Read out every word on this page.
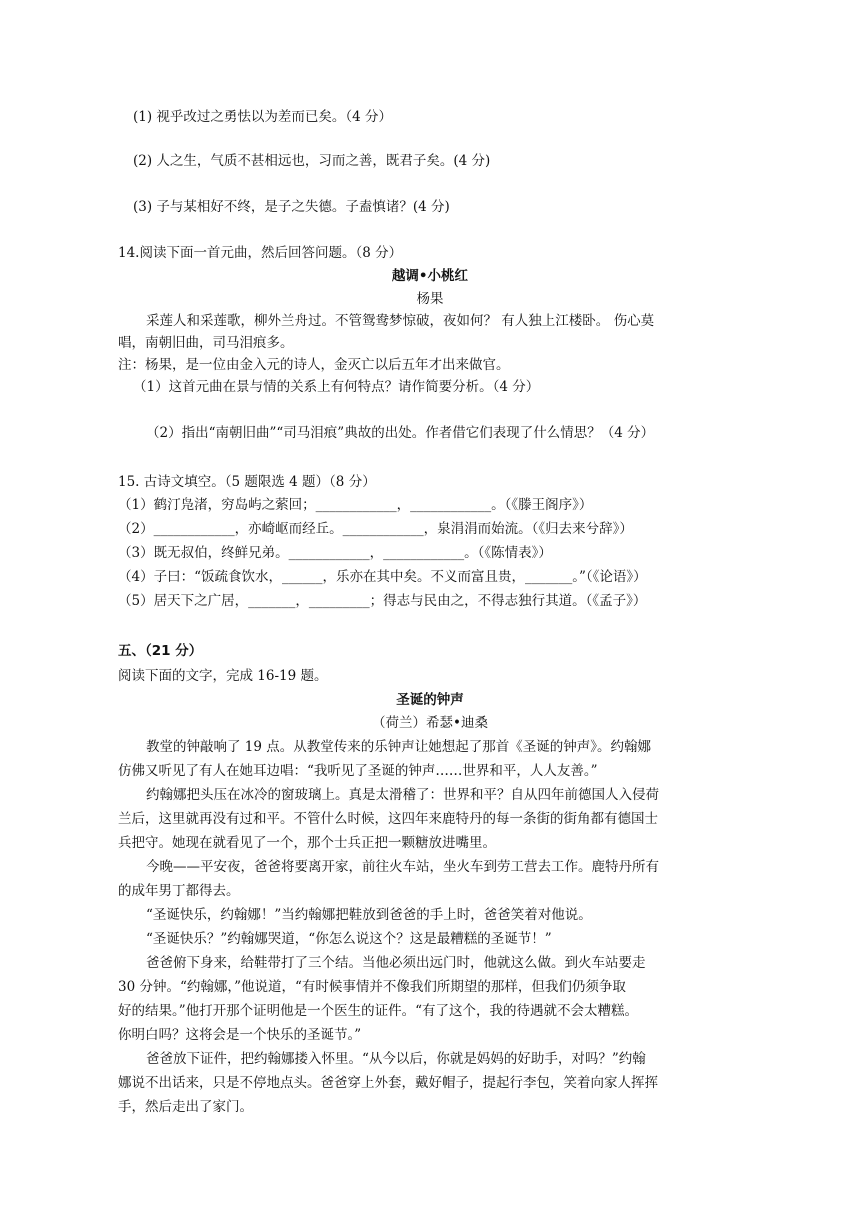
(1) 视乎改过之勇怯以为差而已矣。（4 分）
(2) 人之生，气质不甚相远也，习而之善，既君子矣。(4 分)
(3) 子与某相好不终，是子之失德。子盍慎诸？(4 分)
14.阅读下面一首元曲，然后回答问题。（8 分）
越调•小桃红
杨果
采莲人和采莲歌，柳外兰舟过。不管鸳鸯梦惊破，夜如何？ 有人独上江楼卧。 伤心莫
唱，南朝旧曲，司马泪痕多。
注：杨果，是一位由金入元的诗人，金灭亡以后五年才出来做官。
（1）这首元曲在景与情的关系上有何特点？请作简要分析。（4 分）
（2）指出“南朝旧曲”“司马泪痕”典故的出处。作者借它们表现了什么情思？（4 分）
15. 古诗文填空。（5 题限选 4 题）（8 分）
（1）鹤汀凫渚，穷岛屿之萦回；____________，____________。（《滕王阁序》）
（2）____________，亦崎岖而经丘。____________，泉涓涓而始流。（《归去来兮辞》）
（3）既无叔伯，终鲜兄弟。____________，____________。（《陈情表》）
（4）子曰：“饭疏食饮水，______，乐亦在其中矣。不义而富且贵，_______。”（《论语》）
（5）居天下之广居，_______，_________；得志与民由之，不得志独行其道。（《孟子》）
五、（21 分）
阅读下面的文字，完成 16-19 题。
圣诞的钟声
（荷兰）希瑟•迪桑
教堂的钟敲响了 19 点。从教堂传来的乐钟声让她想起了那首《圣诞的钟声》。约翰娜
仿佛又听见了有人在她耳边唱：“我听见了圣诞的钟声……世界和平，人人友善。”
约翰娜把头压在冰冷的窗玻璃上。真是太滑稽了：世界和平？自从四年前德国人入侵荷
兰后，这里就再没有过和平。不管什么时候，这四年来鹿特丹的每一条街的街角都有德国士
兵把守。她现在就看见了一个，那个士兵正把一颗糖放进嘴里。
今晚——平安夜，爸爸将要离开家，前往火车站，坐火车到劳工营去工作。鹿特丹所有
的成年男丁都得去。
“圣诞快乐，约翰娜！”当约翰娜把鞋放到爸爸的手上时，爸爸笑着对他说。
“圣诞快乐？”约翰娜哭道，“你怎么说这个？这是最糟糕的圣诞节！”
爸爸俯下身来，给鞋带打了三个结。当他必须出远门时，他就这么做。到火车站要走
30 分钟。“约翰娜，”他说道，“有时候事情并不像我们所期望的那样，但我们仍须争取
好的结果。”他打开那个证明他是一个医生的证件。“有了这个，我的待遇就不会太糟糕。
你明白吗？这将会是一个快乐的圣诞节。”
爸爸放下证件，把约翰娜搂入怀里。“从今以后，你就是妈妈的好助手，对吗？”约翰
娜说不出话来，只是不停地点头。爸爸穿上外套，戴好帽子，提起行李包，笑着向家人挥挥
手，然后走出了家门。
